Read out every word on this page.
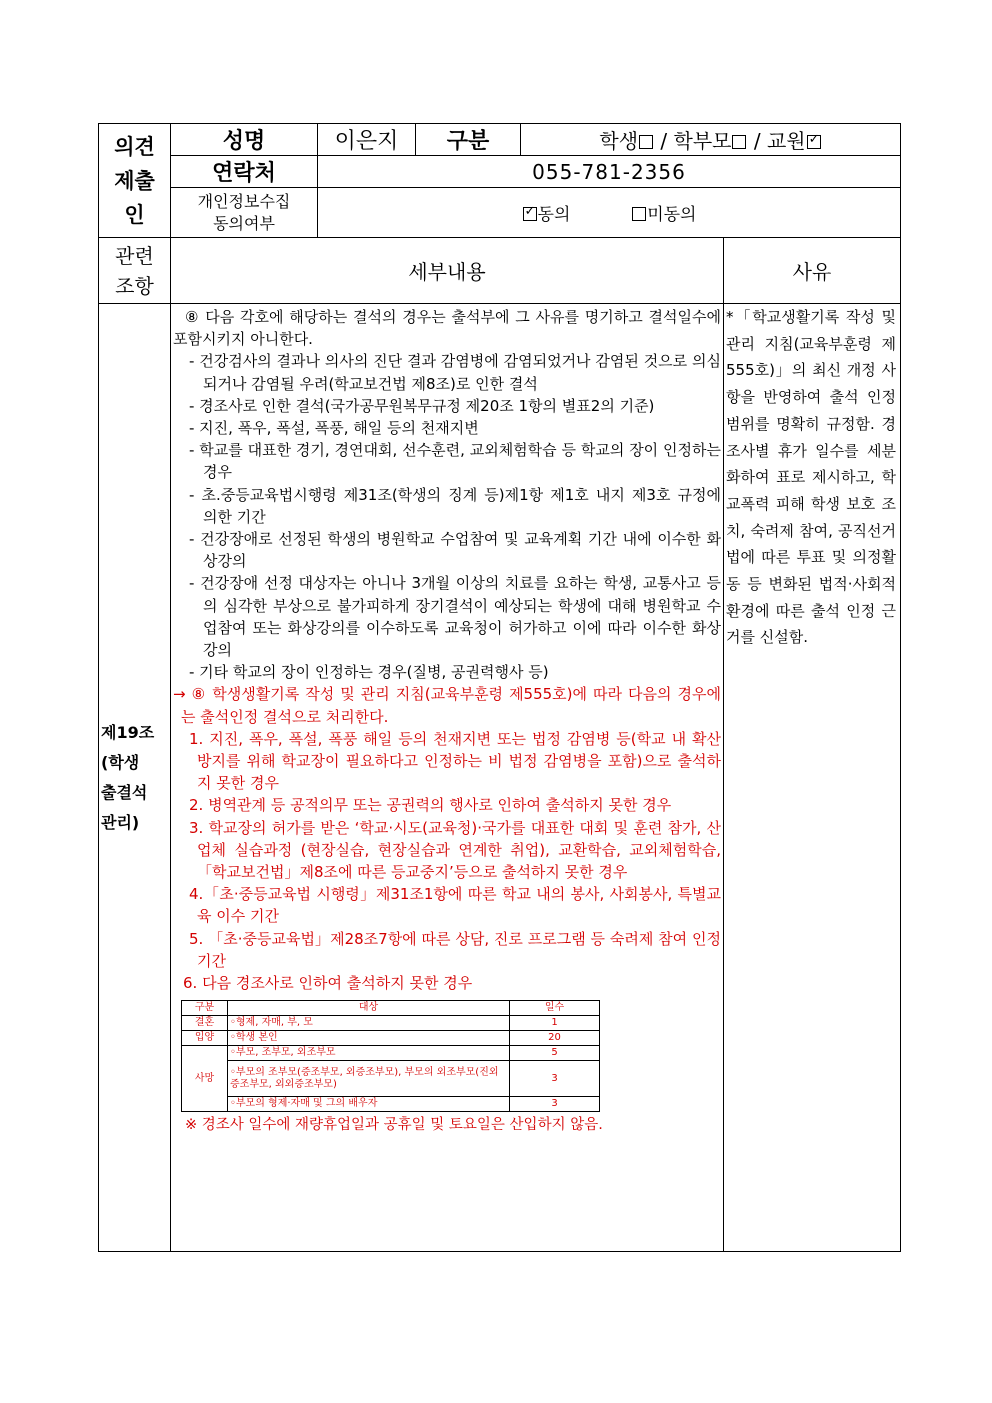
의견
제출
인	성명	이은지	구분	학생 / 학부모 / 교원✓
연락처	055-781-2356
개인정보수집
동의여부	✓동의	미동의
관련
조항	세부내용	사유
제19조
(학생
출결석
관리)	

⑧ 다음 각호에 해당하는 결석의 경우는 출석부에 그 사유를 명기하고 결석일수에 포함시키지 아니한다.

- 건강검사의 결과나 의사의 진단 결과 감염병에 감염되었거나 감염된 것으로 의심되거나 감염될 우려(학교보건법 제8조)로 인한 결석

- 경조사로 인한 결석(국가공무원복무규정 제20조 1항의 별표2의 기준)

- 지진, 폭우, 폭설, 폭풍, 해일 등의 천재지변

- 학교를 대표한 경기, 경연대회, 선수훈련, 교외체험학습 등 학교의 장이 인정하는 경우

- 초.중등교육법시행령 제31조(학생의 징계 등)제1항 제1호 내지 제3호 규정에 의한 기간

- 건강장애로 선정된 학생의 병원학교 수업참여 및 교육계획 기간 내에 이수한 화상강의

- 건강장애 선정 대상자는 아니나 3개월 이상의 치료를 요하는 학생, 교통사고 등의 심각한 부상으로 불가피하게 장기결석이 예상되는 학생에 대해 병원학교 수업참여 또는 화상강의를 이수하도록 교육청이 허가하고 이에 따라 이수한 화상강의

- 기타 학교의 장이 인정하는 경우(질병, 공권력행사 등)

→ ⑧ 학생생활기록 작성 및 관리 지침(교육부훈령 제555호)에 따라 다음의 경우에는 출석인정 결석으로 처리한다.

1. 지진, 폭우, 폭설, 폭풍 해일 등의 천재지변 또는 법정 감염병 등(학교 내 확산 방지를 위해 학교장이 필요하다고 인정하는 비 법정 감염병을 포함)으로 출석하지 못한 경우

2. 병역관계 등 공적의무 또는 공권력의 행사로 인하여 출석하지 못한 경우

3. 학교장의 허가를 받은 ‘학교·시도(교육청)·국가를 대표한 대회 및 훈련 참가, 산업체 실습과정 (현장실습, 현장실습과 연계한 취업), 교환학습, 교외체험학습, 「학교보건법」제8조에 따른 등교중지’등으로 출석하지 못한 경우

4.「초·중등교육법 시행령」제31조1항에 따른 학교 내의 봉사, 사회봉사, 특별교육 이수 기간

5. 「초·중등교육법」제28조7항에 따른 상담, 진로 프로그램 등 숙려제 참여 인정 기간

6. 다음 경조사로 인하여 출석하지 못한 경우

구분	대상	일수
결혼	◦형제, 자매, 부, 모	1
입양	◦학생 본인	20
사망	◦부모, 조부모, 외조부모	5
◦부모의 조부모(증조부모, 외증조부모), 부모의 외조부모(진외증조부모, 외외증조부모)	3
◦부모의 형제·자매 및 그의 배우자	3

※ 경조사 일수에 재량휴업일과 공휴일 및 토요일은 산입하지 않음.

	*「학교생활기록 작성 및 관리 지침(교육부훈령 제555호)」의 최신 개정 사항을 반영하여 출석 인정 범위를 명확히 규정함. 경조사별 휴가 일수를 세분화하여 표로 제시하고, 학교폭력 피해 학생 보호 조치, 숙려제 참여, 공직선거법에 따른 투표 및 의정활동 등 변화된 법적·사회적 환경에 따른 출석 인정 근거를 신설함.
